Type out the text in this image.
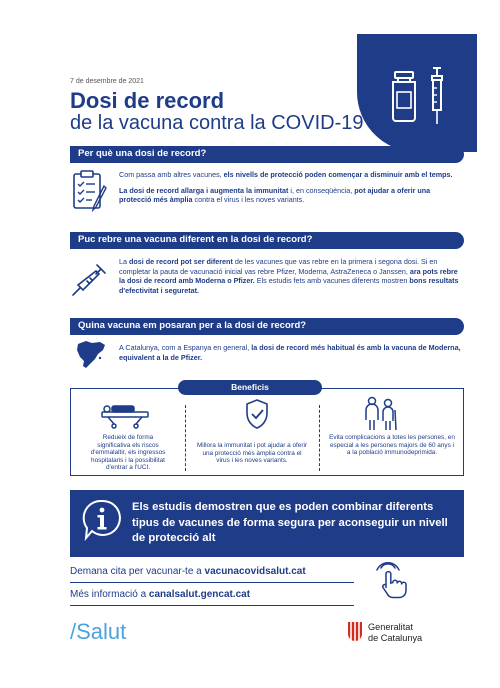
7 de desembre de 2021
Dosi de record
de la vacuna contra la COVID-19
Per què una dosi de record?

Com passa amb altres vacunes, els nivells de protecció poden començar a disminuir amb el temps.

La dosi de record allarga i augmenta la immunitat i, en conseqüència, pot ajudar a oferir una protecció més àmplia contra el virus i les noves variants.

Puc rebre una vacuna diferent en la dosi de record?

La dosi de record pot ser diferent de les vacunes que vas rebre en la primera i segona dosi. Si en completar la pauta de vacunació inicial vas rebre Pfizer, Moderna, AstraZeneca o Janssen, ara pots rebre la dosi de record amb Moderna o Pfizer. Els estudis fets amb vacunes diferents mostren bons resultats d'efectivitat i seguretat.

Quina vacuna em posaran per a la dosi de record?

A Catalunya, com a Espanya en general, la dosi de record més habitual és amb la vacuna de Moderna, equivalent a la de Pfizer.

Beneficis
Redueix de forma significativa els riscos d'emmalaltir, els ingressos hospitalaris i la possibilitat d'entrar a l'UCI.
Millora la immunitat i pot ajudar a oferir una protecció més àmplia contra el virus i les noves variants.
Evita complicacions a totes les persones, en especial a les persones majors de 60 anys i a la població immunodeprimida.
Els estudis demostren que es poden combinar diferents tipus de vacunes de forma segura per aconseguir un nivell de protecció alt
Demana cita per vacunar-te a vacunacovidsalut.cat
Més informació a canalsalut.gencat.cat
/Salut	Generalitat
de Catalunya
